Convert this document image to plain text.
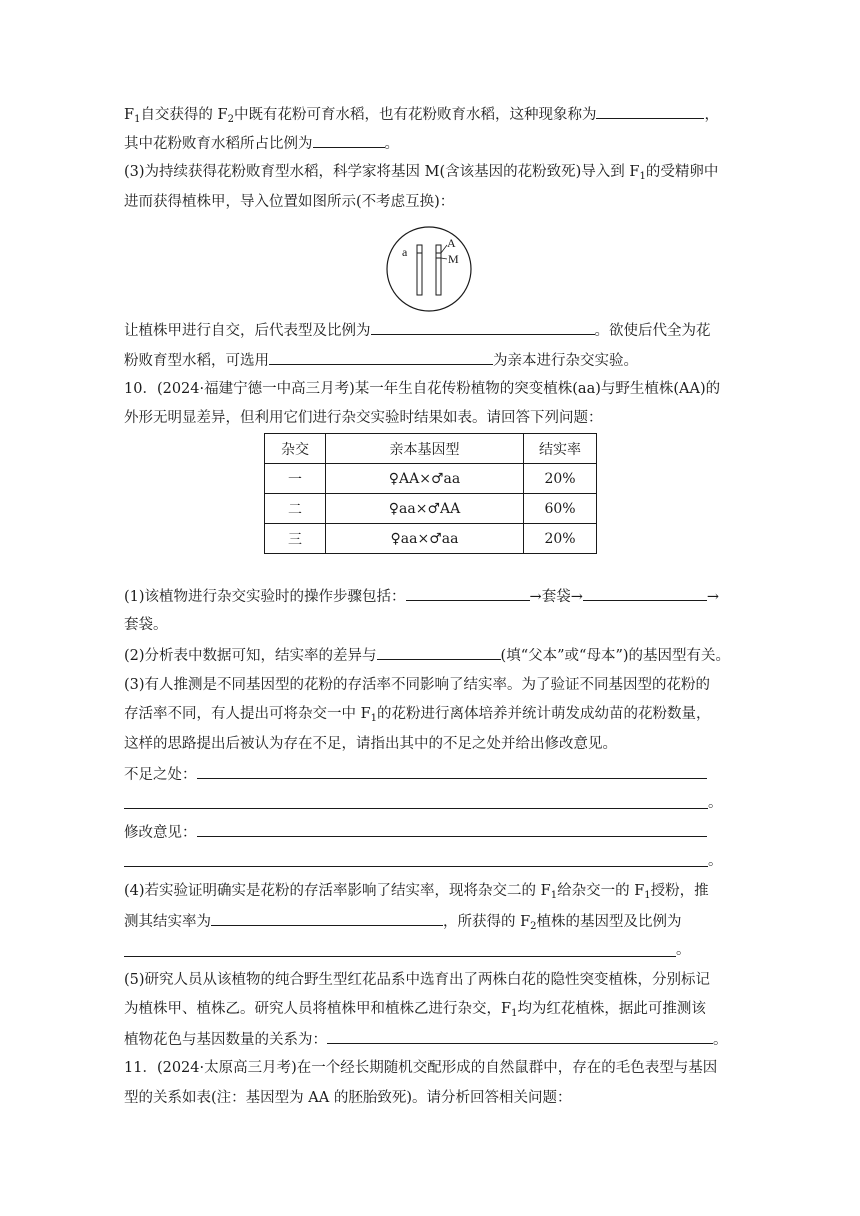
$F_1$自交获得的 $F_2$中既有花粉可育水稻，也有花粉败育水稻，这种现象称为	，
其中花粉败育水稻所占比例为	。
(3)为持续获得花粉败育型水稻，科学家将基因 M(含该基因的花粉致死)导入到 $F_1$的受精卵中
进而获得植株甲，导入位置如图所示(不考虑互换)：
a
A
M
让植株甲进行自交，后代表型及比例为	。欲使后代全为花
粉败育型水稻，可选用	为亲本进行杂交实验。
10．(2024·福建宁德一中高三月考)某一年生自花传粉植物的突变植株(aa)与野生植株(AA)的
外形无明显差异，但利用它们进行杂交实验时结果如表。请回答下列问题：
杂交	亲本基因型	结实率
一	♀AA×♂aa	20%
二	♀aa×♂AA	60%
三	♀aa×♂aa	20%
(1)该植物进行杂交实验时的操作步骤包括：	→套袋→	→
套袋。
(2)分析表中数据可知，结实率的差异与	(填“父本”或“母本”)的基因型有关。
(3)有人推测是不同基因型的花粉的存活率不同影响了结实率。为了验证不同基因型的花粉的
存活率不同，有人提出可将杂交一中 $F_1$的花粉进行离体培养并统计萌发成幼苗的花粉数量，
这样的思路提出后被认为存在不足，请指出其中的不足之处并给出修改意见。
不足之处：
。
修改意见：
。
(4)若实验证明确实是花粉的存活率影响了结实率，现将杂交二的 $F_1$给杂交一的 $F_1$授粉，推
测其结实率为	，所获得的 $F_2$植株的基因型及比例为
。
(5)研究人员从该植物的纯合野生型红花品系中选育出了两株白花的隐性突变植株，分别标记
为植株甲、植株乙。研究人员将植株甲和植株乙进行杂交，$F_1$均为红花植株，据此可推测该
植物花色与基因数量的关系为：	。
11．(2024·太原高三月考)在一个经长期随机交配形成的自然鼠群中，存在的毛色表型与基因
型的关系如表(注：基因型为 AA 的胚胎致死)。请分析回答相关问题：
